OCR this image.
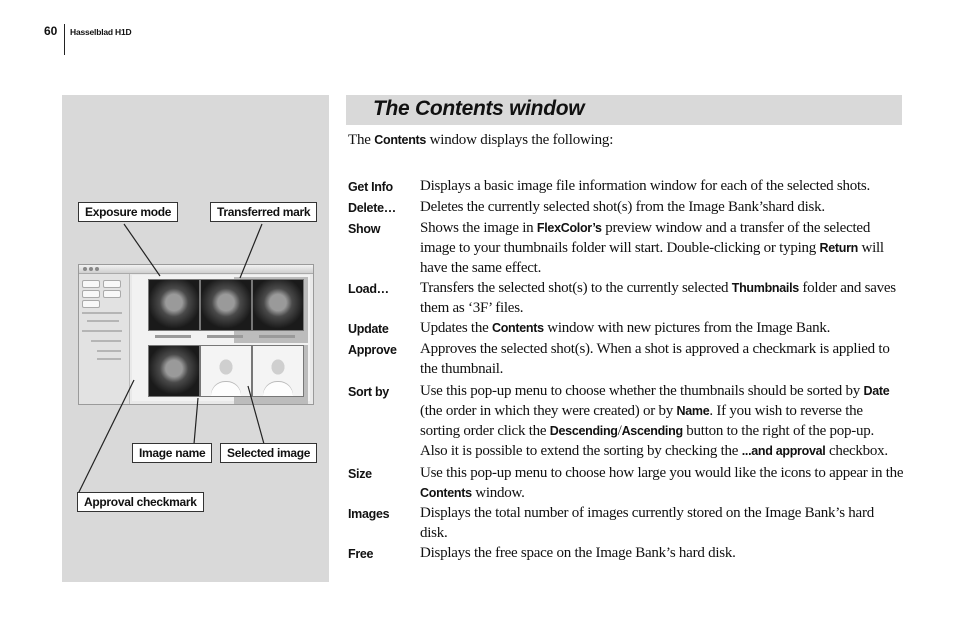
60 Hasselblad H1D
Exposure mode	Transferred mark
Image name	Selected image
Approval checkmark
The Contents window
The Contents window displays the following:
Get Info	Displays a basic image file information window for each of the selected shots.
Delete…	Deletes the currently selected shot(s) from the Image Bank’shard disk.
Show	Shows the image in FlexColor’s preview window and a transfer of the selected image to your thumbnails folder will start. Double-clicking or typing Return will have the same effect.
Load…	Transfers the selected shot(s) to the currently selected Thumbnails folder and saves them as ‘3F’ files.
Update	Updates the Contents window with new pictures from the Image Bank.
Approve	Approves the selected shot(s). When a shot is approved a checkmark is applied to the thumbnail.
Sort by	Use this pop-up menu to choose whether the thumbnails should be sorted by Date (the order in which they were created) or by Name. If you wish to reverse the sorting order click the Descending/Ascending button to the right of the pop-up.
Also it is possible to extend the sorting by checking the ...and approval checkbox.
Size	Use this pop-up menu to choose how large you would like the icons to appear in the Contents window.
Images	Displays the total number of images currently stored on the Image Bank’s hard disk.
Free	Displays the free space on the Image Bank’s hard disk.
